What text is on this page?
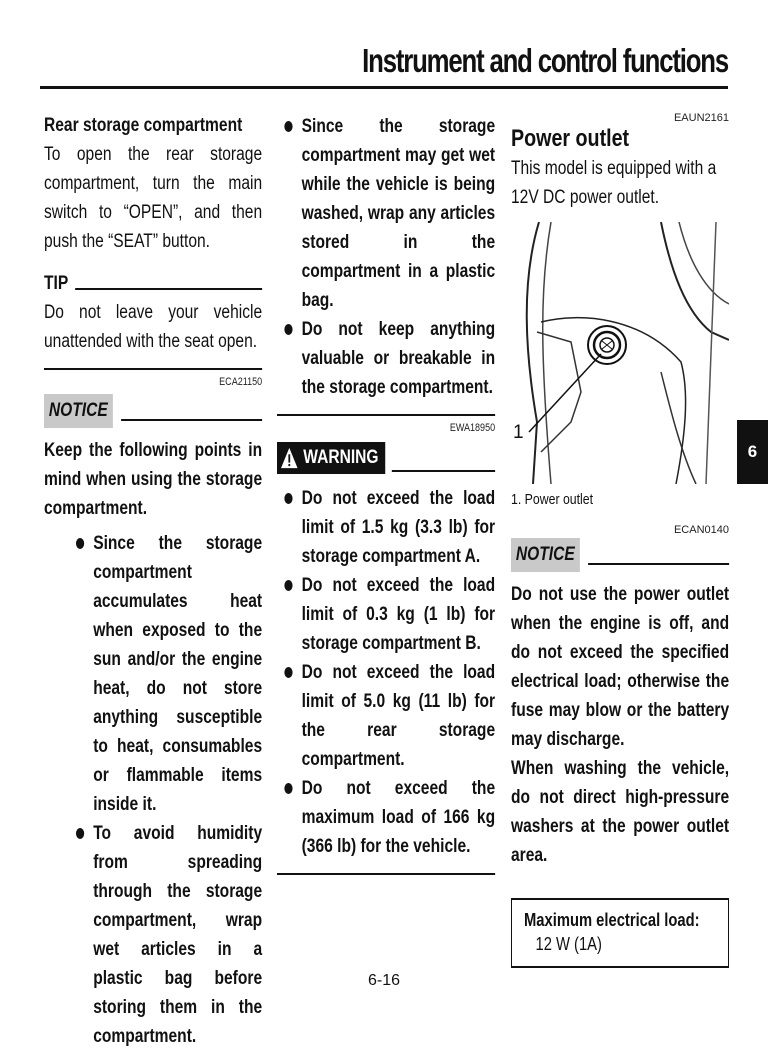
Instrument and control functions
Rear storage compartment
To open the rear storage compartment, turn the main switch to “OPEN”, and then push the “SEAT” button.
TIP
Do not leave your vehicle unattended with the seat open.
ECA21150
NOTICE
Keep the following points in mind when using the storage compartment.
Since the storage compartment accumulates heat when exposed to the sun and/or the engine heat, do not store anything susceptible to heat, consumables or flammable items inside it.
To avoid humidity from spreading through the storage compartment, wrap wet articles in a plastic bag before storing them in the compartment.
Since the storage compartment may get wet while the vehicle is being washed, wrap any articles stored in the compartment in a plastic bag.
Do not keep anything valuable or breakable in the storage compartment.
EWA18950
WARNING
Do not exceed the load limit of 1.5 kg (3.3 lb) for storage compartment A.
Do not exceed the load limit of 0.3 kg (1 lb) for storage compartment B.
Do not exceed the load limit of 5.0 kg (11 lb) for the rear storage compartment.
Do not exceed the maximum load of 166 kg (366 lb) for the vehicle.
EAUN2161
Power outlet
This model is equipped with a 12V DC power outlet.
1
1. Power outlet
ECAN0140
NOTICE
Do not use the power outlet when the engine is off, and do not exceed the specified electrical load; otherwise the fuse may blow or the battery may discharge.
When washing the vehicle, do not direct high-pressure washers at the power outlet area.
Maximum electrical load:
12 W (1A)
6
6-16
